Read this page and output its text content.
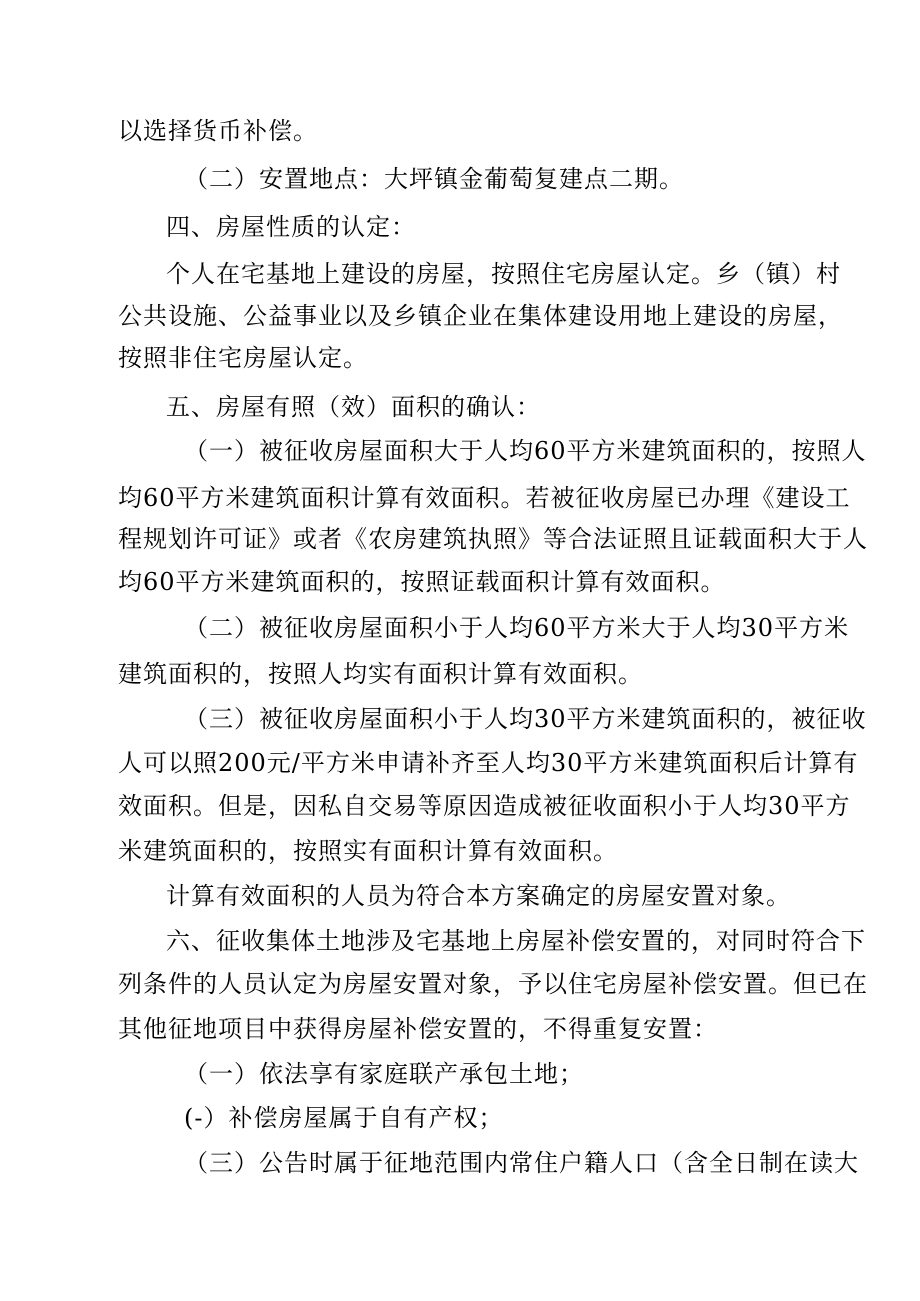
以选择货币补偿。
（二）安置地点：大坪镇金葡萄复建点二期。
四、房屋性质的认定：
个人在宅基地上建设的房屋，按照住宅房屋认定。乡（镇）村
公共设施、公益事业以及乡镇企业在集体建设用地上建设的房屋，
按照非住宅房屋认定。
五、房屋有照（效）面积的确认：
（一）被征收房屋面积大于人均60平方米建筑面积的，按照人
均60平方米建筑面积计算有效面积。若被征收房屋已办理《建设工
程规划许可证》或者《农房建筑执照》等合法证照且证载面积大于人
均60平方米建筑面积的，按照证载面积计算有效面积。
（二）被征收房屋面积小于人均60平方米大于人均30平方米
建筑面积的，按照人均实有面积计算有效面积。
（三）被征收房屋面积小于人均30平方米建筑面积的，被征收
人可以照200元/平方米申请补齐至人均30平方米建筑面积后计算有
效面积。但是，因私自交易等原因造成被征收面积小于人均30平方
米建筑面积的，按照实有面积计算有效面积。
计算有效面积的人员为符合本方案确定的房屋安置对象。
六、征收集体土地涉及宅基地上房屋补偿安置的，对同时符合下
列条件的人员认定为房屋安置对象，予以住宅房屋补偿安置。但已在
其他征地项目中获得房屋补偿安置的，不得重复安置：
（一）依法享有家庭联产承包土地；
(-）补偿房屋属于自有产权；
（三）公告时属于征地范围内常住户籍人口（含全日制在读大
